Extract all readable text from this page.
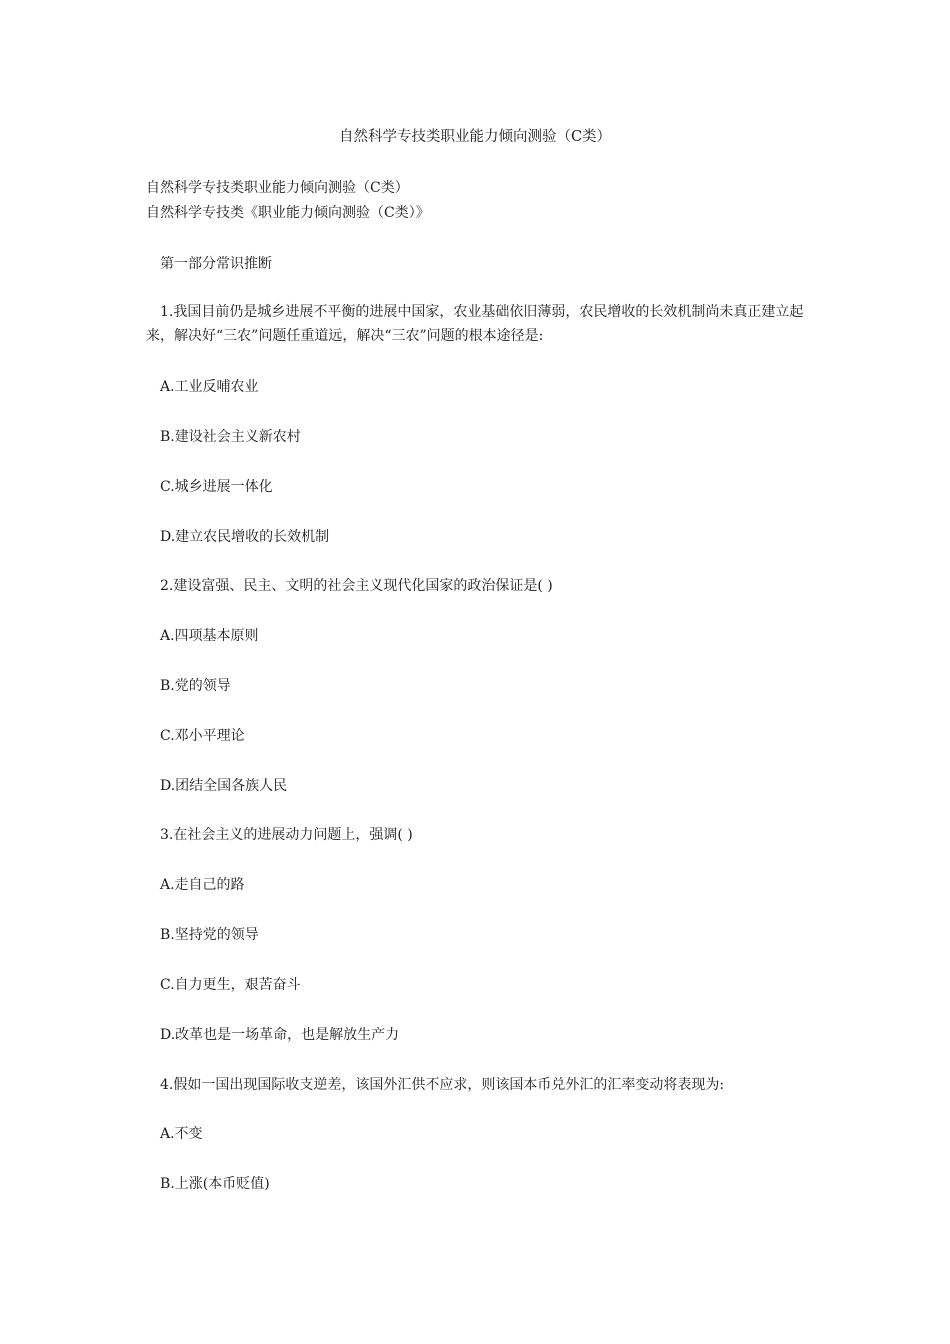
自然科学专技类职业能力倾向测验（C类）
自然科学专技类职业能力倾向测验（C类）
自然科学专技类《职业能力倾向测验（C类）》
第一部分常识推断
1.我国目前仍是城乡进展不平衡的进展中国家，农业基础依旧薄弱，农民增收的长效机制尚未真正建立起来，解决好“三农”问题任重道远，解决“三农”问题的根本途径是:
A.工业反哺农业
B.建设社会主义新农村
C.城乡进展一体化
D.建立农民增收的长效机制
2.建设富强、民主、文明的社会主义现代化国家的政治保证是( )
A.四项基本原则
B.党的领导
C.邓小平理论
D.团结全国各族人民
3.在社会主义的进展动力问题上，强调( )
A.走自己的路
B.坚持党的领导
C.自力更生，艰苦奋斗
D.改革也是一场革命，也是解放生产力
4.假如一国出现国际收支逆差，该国外汇供不应求，则该国本币兑外汇的汇率变动将表现为:
A.不变
B.上涨(本币贬值)
